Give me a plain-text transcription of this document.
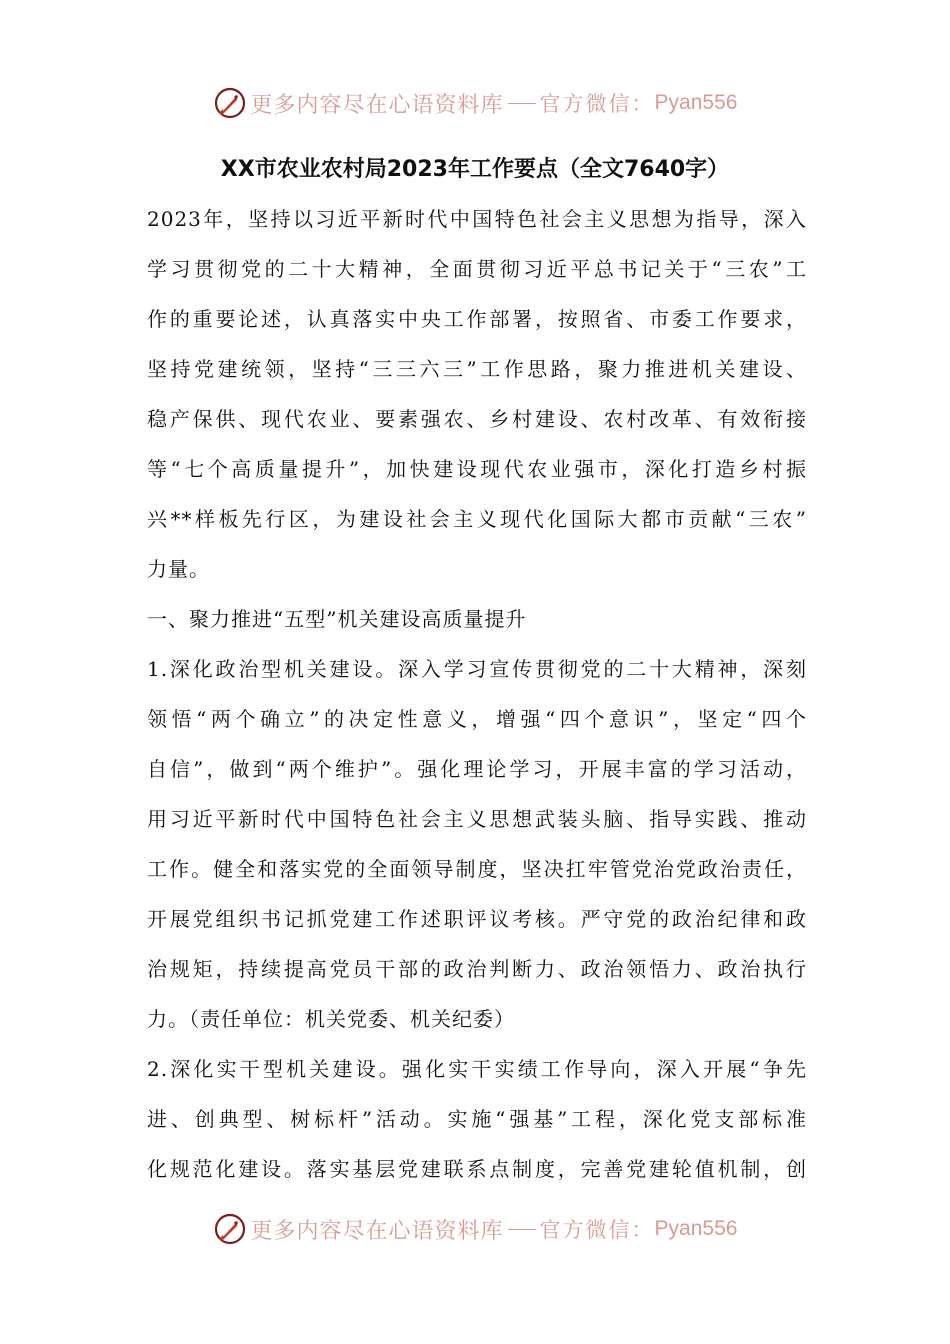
更多内容尽在心语资料库 官方微信： Pyan556
XX市农业农村局2023年工作要点（全文7640字）
2023年，坚持以习近平新时代中国特色社会主义思想为指导，深入
学习贯彻党的二十大精神，全面贯彻习近平总书记关于“三农”工
作的重要论述，认真落实中央工作部署，按照省、市委工作要求，
坚持党建统领，坚持“三三六三”工作思路，聚力推进机关建设、
稳产保供、现代农业、要素强农、乡村建设、农村改革、有效衔接
等“七个高质量提升”，加快建设现代农业强市，深化打造乡村振
兴**样板先行区，为建设社会主义现代化国际大都市贡献“三农”
力量。
一、聚力推进“五型”机关建设高质量提升
1.深化政治型机关建设。深入学习宣传贯彻党的二十大精神，深刻
领悟“两个确立”的决定性意义，增强“四个意识”，坚定“四个
自信”，做到“两个维护”。强化理论学习，开展丰富的学习活动，
用习近平新时代中国特色社会主义思想武装头脑、指导实践、推动
工作。健全和落实党的全面领导制度，坚决扛牢管党治党政治责任，
开展党组织书记抓党建工作述职评议考核。严守党的政治纪律和政
治规矩，持续提高党员干部的政治判断力、政治领悟力、政治执行
力。（责任单位：机关党委、机关纪委）
2.深化实干型机关建设。强化实干实绩工作导向，深入开展“争先
进、创典型、树标杆”活动。实施“强基”工程，深化党支部标准
化规范化建设。落实基层党建联系点制度，完善党建轮值机制，创
更多内容尽在心语资料库 官方微信： Pyan556
